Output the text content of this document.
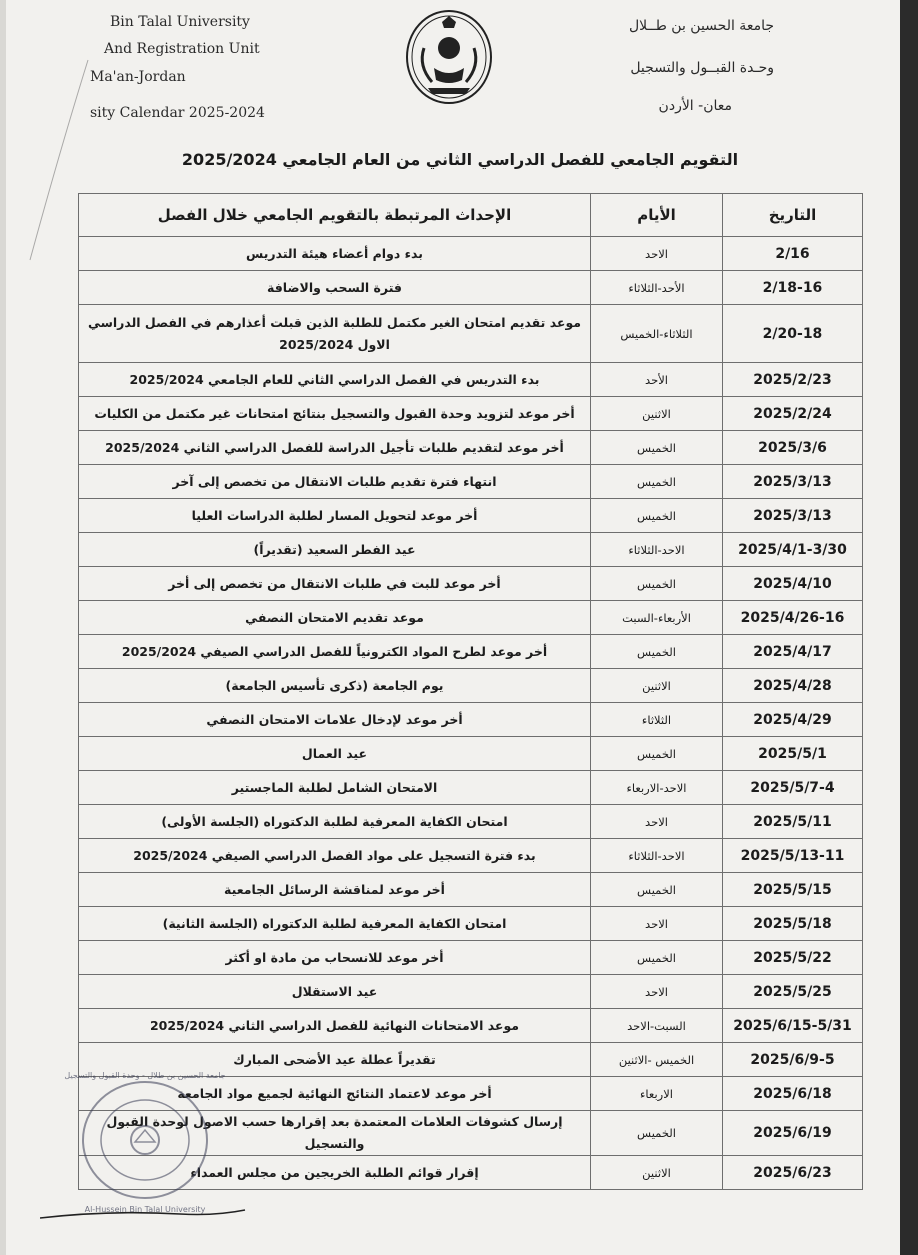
Bin Talal University
And Registration Unit
Ma'an-Jordan
sity Calendar 2025-2024
جامعة الحسين بن طــلال
وحـدة القبــول والتسجيل
معان- الأردن
التقويم الجامعي للفصل الدراسي الثاني من العام الجامعي 2025/2024
الإحداث المرتبطة بالتقويم الجامعي خلال الفصل	الأيام	التاريخ
بدء دوام أعضاء هيئة التدريس	الاحد	2/16
فترة السحب والاضافة	الأحد-الثلاثاء	2/18-16
موعد تقديم امتحان الغير مكتمل للطلبة الذين قبلت أعذارهم في الفصل الدراسي الاول 2025/2024	الثلاثاء-الخميس	2/20-18
بدء التدريس في الفصل الدراسي الثاني للعام الجامعي 2025/2024	الأحد	2025/2/23
أخر موعد لتزويد وحدة القبول والتسجيل بنتائج امتحانات غير مكتمل من الكليات	الاثنين	2025/2/24
أخر موعد لتقديم طلبات تأجيل الدراسة للفصل الدراسي الثاني 2025/2024	الخميس	2025/3/6
انتهاء فترة تقديم طلبات الانتقال من تخصص إلى آخر	الخميس	2025/3/13
أخر موعد لتحويل المسار لطلبة الدراسات العليا	الخميس	2025/3/13
عيد الفطر السعيد (تقديراً)	الاحد-الثلاثاء	2025/4/1-3/30
أخر موعد للبت في طلبات الانتقال من تخصص إلى أخر	الخميس	2025/4/10
موعد تقديم الامتحان النصفي	الأربعاء-السبت	2025/4/26-16
أخر موعد لطرح المواد الكترونياً للفصل الدراسي الصيفي 2025/2024	الخميس	2025/4/17
يوم الجامعة (ذكرى تأسيس الجامعة)	الاثنين	2025/4/28
أخر موعد لإدخال علامات الامتحان النصفي	الثلاثاء	2025/4/29
عيد العمال	الخميس	2025/5/1
الامتحان الشامل لطلبة الماجستير	الاحد-الاربعاء	2025/5/7-4
امتحان الكفاية المعرفية لطلبة الدكتوراه (الجلسة الأولى)	الاحد	2025/5/11
بدء فترة التسجيل على مواد الفصل الدراسي الصيفي 2025/2024	الاحد-الثلاثاء	2025/5/13-11
أخر موعد لمناقشة الرسائل الجامعية	الخميس	2025/5/15
امتحان الكفاية المعرفية لطلبة الدكتوراه (الجلسة الثانية)	الاحد	2025/5/18
أخر موعد للانسحاب من مادة او أكثر	الخميس	2025/5/22
عيد الاستقلال	الاحد	2025/5/25
موعد الامتحانات النهائية للفصل الدراسي الثاني 2025/2024	السبت-الاحد	2025/6/15-5/31
تقديراً عطلة عيد الأضحى المبارك	الخميس -الاثنين	2025/6/9-5
أخر موعد لاعتماد النتائج النهائية لجميع مواد الجامعة	الاربعاء	2025/6/18
إرسال كشوفات العلامات المعتمدة بعد إقرارها حسب الاصول لوحدة القبول والتسجيل	الخميس	2025/6/19
إقرار قوائم الطلبة الخريجين من مجلس العمداء	الاثنين	2025/6/23
جامعة الحسين بن طلال - وحدة القبول والتسجيل
Al-Hussein Bin Talal University
